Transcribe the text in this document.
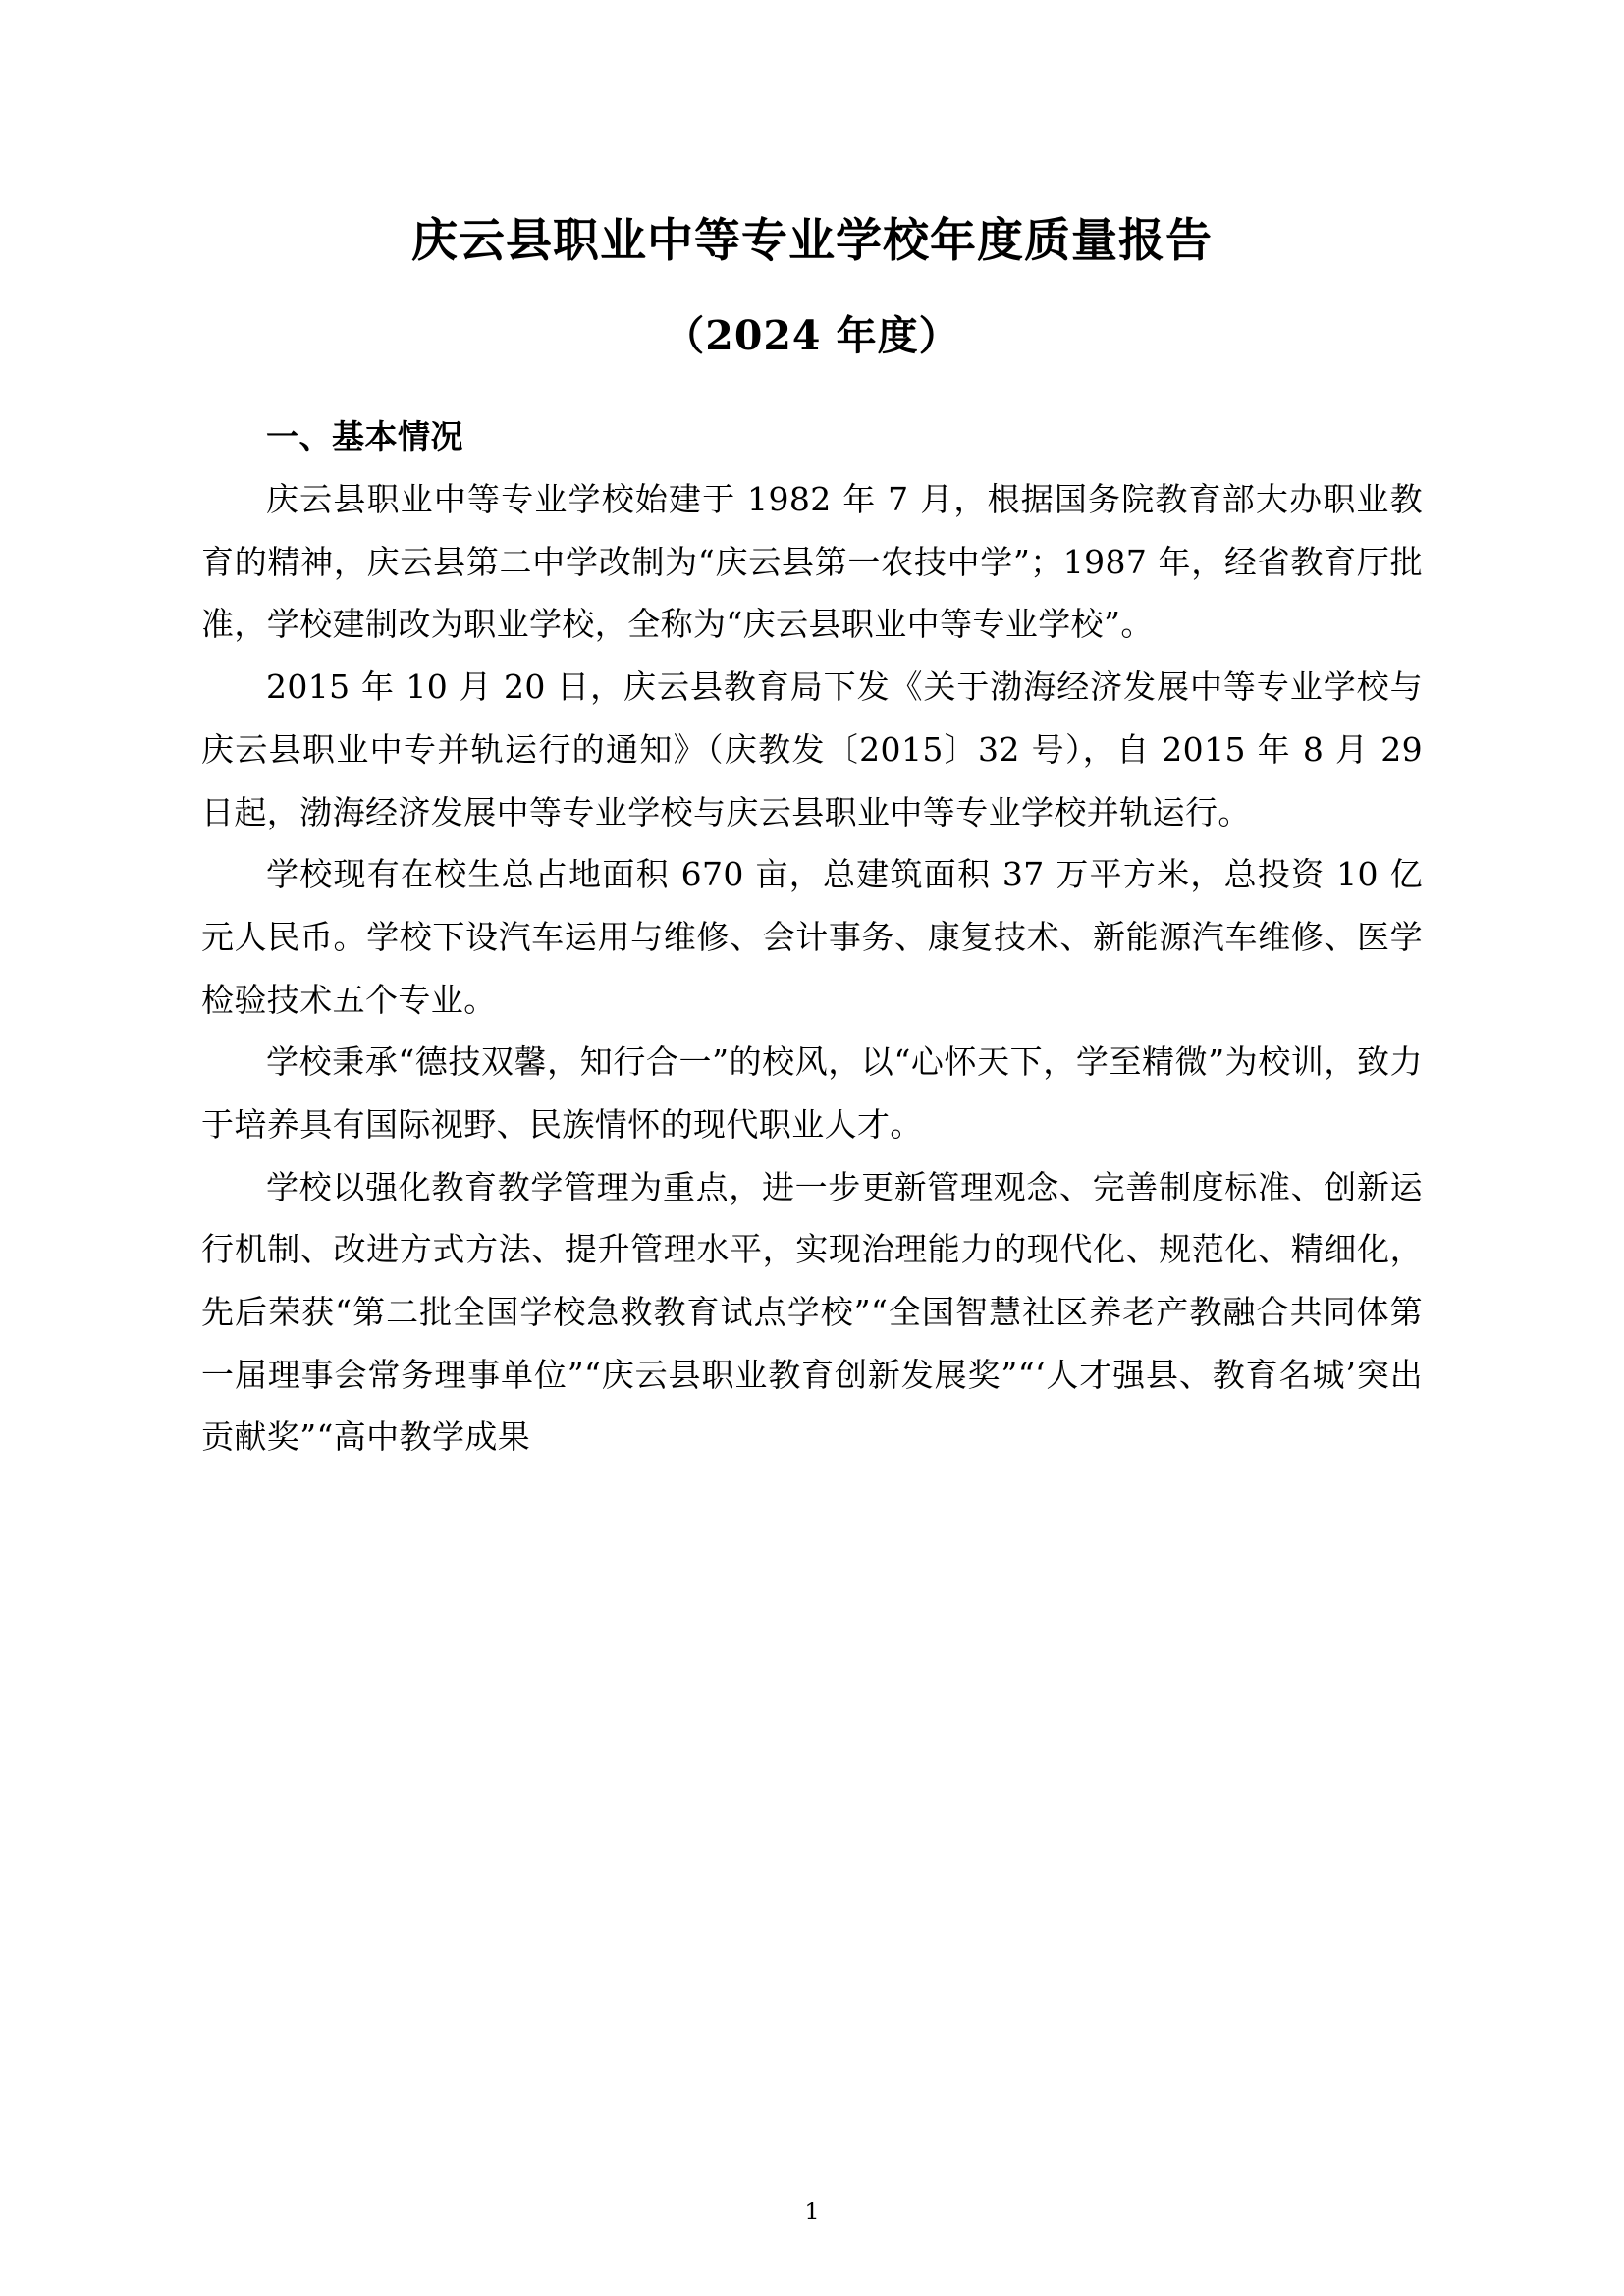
庆云县职业中等专业学校年度质量报告
（2024 年度）
一、基本情况

庆云县职业中等专业学校始建于 1982 年 7 月，根据国务院教育部大办职业教育的精神，庆云县第二中学改制为“庆云县第一农技中学”；1987 年，经省教育厅批准，学校建制改为职业学校，全称为“庆云县职业中等专业学校”。

2015 年 10 月 20 日，庆云县教育局下发《关于渤海经济发展中等专业学校与庆云县职业中专并轨运行的通知》（庆教发〔2015〕32 号），自 2015 年 8 月 29 日起，渤海经济发展中等专业学校与庆云县职业中等专业学校并轨运行。

学校现有在校生总占地面积 670 亩，总建筑面积 37 万平方米，总投资 10 亿元人民币。学校下设汽车运用与维修、会计事务、康复技术、新能源汽车维修、医学检验技术五个专业。

学校秉承“德技双馨，知行合一”的校风，以“心怀天下，学至精微”为校训，致力于培养具有国际视野、民族情怀的现代职业人才。

学校以强化教育教学管理为重点，进一步更新管理观念、完善制度标准、创新运行机制、改进方式方法、提升管理水平，实现治理能力的现代化、规范化、精细化，先后荣获“第二批全国学校急救教育试点学校”“全国智慧社区养老产教融合共同体第一届理事会常务理事单位”“庆云县职业教育创新发展奖”“‘人才强县、教育名城’突出贡献奖”“高中教学成果

1
